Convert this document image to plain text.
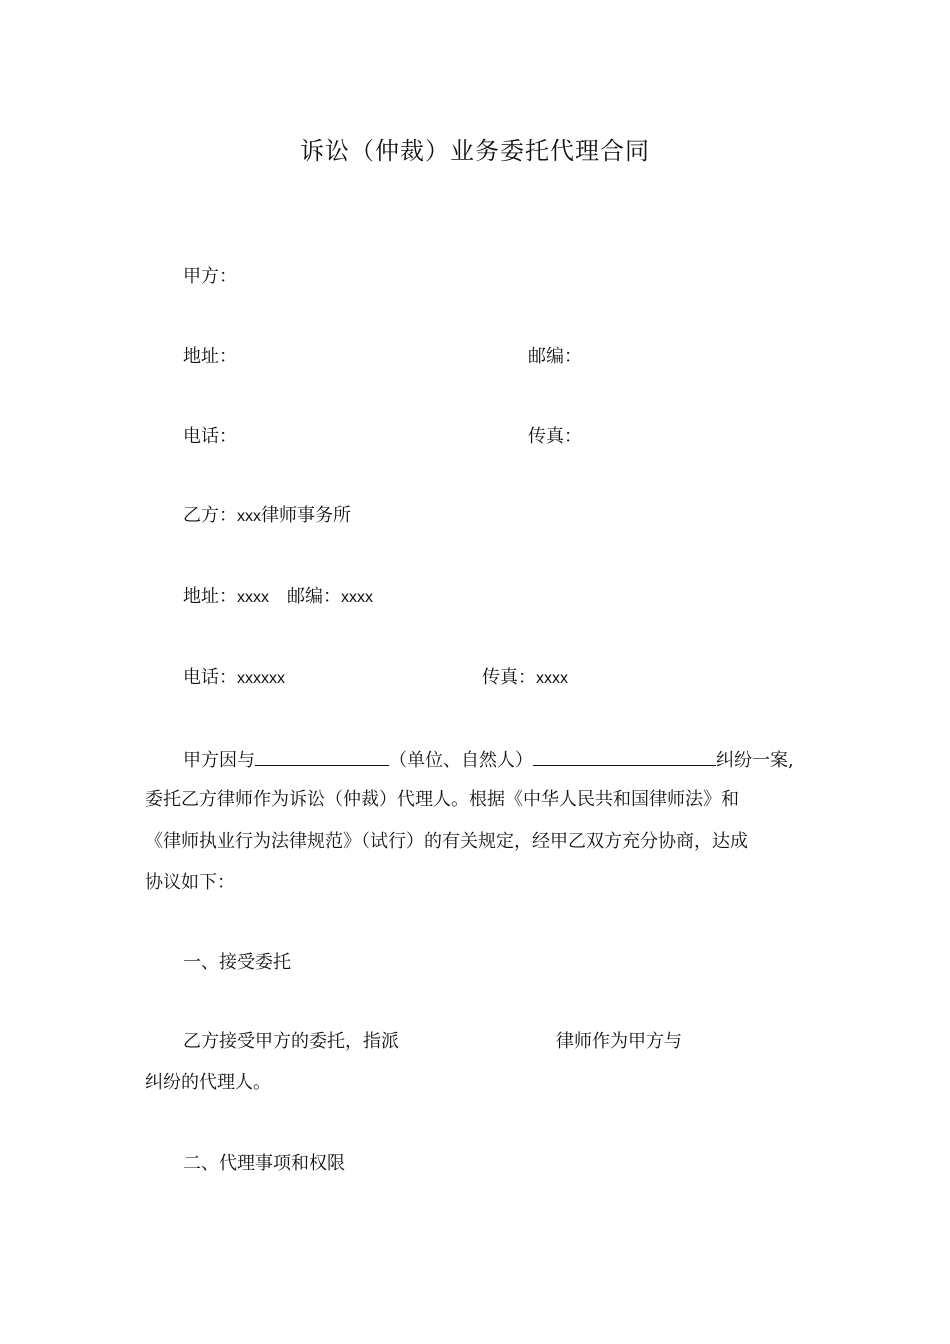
诉讼（仲裁）业务委托代理合同
甲方：
地址：	邮编：
电话：	传真：
乙方：xxx律师事务所
地址：xxxx 邮编：xxxx
电话：xxxxxx	传真：xxxx
甲方因与	（单位、自然人）	纠纷一案,
委托乙方律师作为诉讼（仲裁）代理人。根据《中华人民共和国律师法》和
《律师执业行为法律规范》（试行）的有关规定，经甲乙双方充分协商，达成
协议如下：
一、接受委托
乙方接受甲方的委托，指派	律师作为甲方与
纠纷的代理人。
二、代理事项和权限
